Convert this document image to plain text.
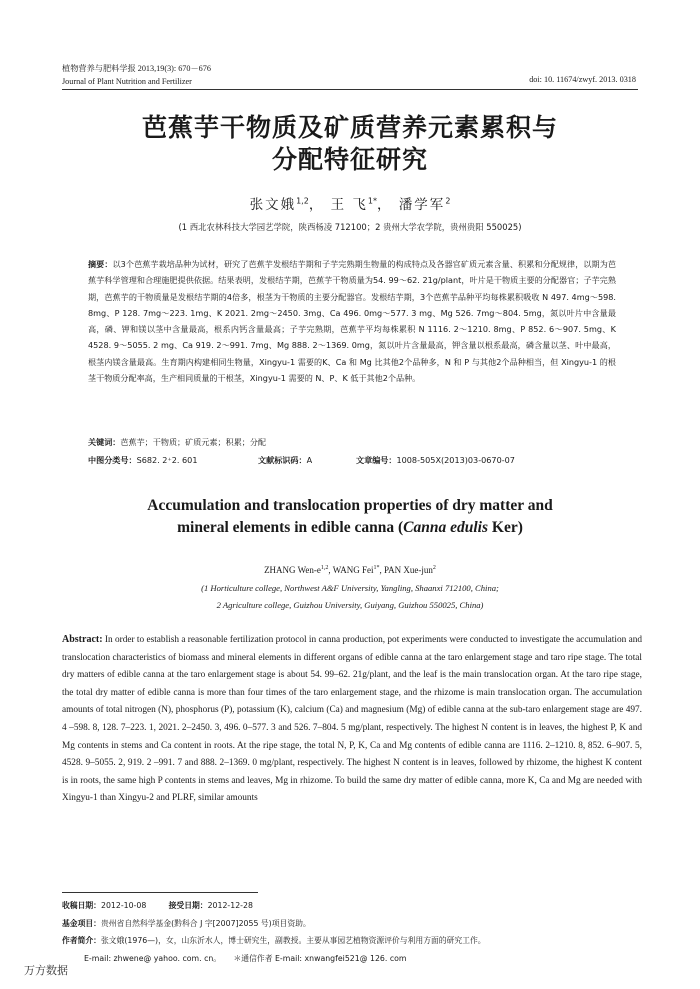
植物营养与肥料学报 2013,19(3): 670－676
Journal of Plant Nutrition and Fertilizer	doi: 10. 11674/zwyf. 2013. 0318
芭蕉芋干物质及矿质营养元素累积与
分配特征研究
张文娥$^{1,2}$， 王 飞$^{1*}$， 潘学军$^2$
(1 西北农林科技大学园艺学院，陕西杨凌 712100；2 贵州大学农学院，贵州贵阳 550025)
摘要：以3个芭蕉芋栽培品种为试材，研究了芭蕉芋发根结芋期和子芋完熟期生物量的构成特点及各器官矿质元素含量、积累和分配规律，以期为芭蕉芋科学管理和合理施肥提供依据。结果表明，发根结芋期，芭蕉芋干物质量为54. 99～62. 21g/plant，叶片是干物质主要的分配器官；子芋完熟期，芭蕉芋的干物质量是发根结芋期的4倍多，根茎为干物质的主要分配器官。发根结芋期，3个芭蕉芋品种平均每株累积吸收 N 497. 4mg～598. 8mg、P 128. 7mg～223. 1mg、K 2021. 2mg～2450. 3mg、Ca 496. 0mg～577. 3 mg、Mg 526. 7mg～804. 5mg，氮以叶片中含量最高，磷、钾和镁以茎中含量最高，根系内钙含量最高；子芋完熟期，芭蕉芋平均每株累积 N 1116. 2～1210. 8mg、P 852. 6～907. 5mg、K 4528. 9～5055. 2 mg、Ca 919. 2～991. 7mg、Mg 888. 2～1369. 0mg，氮以叶片含量最高，钾含量以根系最高，磷含量以茎、叶中最高，根茎内镁含量最高。生育期内构建相同生物量，Xingyu-1 需要的K、Ca 和 Mg 比其他2个品种多，N 和 P 与其他2个品种相当，但 Xingyu-1 的根茎干物质分配率高，生产相同质量的干根茎，Xingyu-1 需要的 N、P、K 低于其他2个品种。
关键词：芭蕉芋；干物质；矿质元素；积累；分配
中图分类号：S682. 2⁺2. 601	文献标识码：A	文章编号：1008-505X(2013)03-0670-07
Accumulation and translocation properties of dry matter and
mineral elements in edible canna (Canna edulis Ker)
ZHANG Wen-$e^{1,2}$, WANG Fei$^{1*}$, PAN Xue-jun$^2$
(1 Horticulture college, Northwest A&F University, Yangling, Shaanxi 712100, China;
2 Agriculture college, Guizhou University, Guiyang, Guizhou 550025, China)
Abstract: In order to establish a reasonable fertilization protocol in canna production, pot experiments were conducted to investigate the accumulation and translocation characteristics of biomass and mineral elements in different organs of edible canna at the taro enlargement stage and taro ripe stage. The total dry matters of edible canna at the taro enlargement stage is about 54. 99–62. 21g/plant, and the leaf is the main translocation organ. At the taro ripe stage, the total dry matter of edible canna is more than four times of the taro enlargement stage, and the rhizome is main translocation organ. The accumulation amounts of total nitrogen (N), phosphorus (P), potassium (K), calcium (Ca) and magnesium (Mg) of edible canna at the sub-taro enlargement stage are 497. 4 –598. 8, 128. 7–223. 1, 2021. 2–2450. 3, 496. 0–577. 3 and 526. 7–804. 5 mg/plant, respectively. The highest N content is in leaves, the highest P, K and Mg contents in stems and Ca content in roots. At the ripe stage, the total N, P, K, Ca and Mg contents of edible canna are 1116. 2–1210. 8, 852. 6–907. 5, 4528. 9–5055. 2, 919. 2 –991. 7 and 888. 2–1369. 0 mg/plant, respectively. The highest N content is in leaves, followed by rhizome, the highest K content is in roots, the same high P contents in stems and leaves, Mg in rhizome. To build the same dry matter of edible canna, more K, Ca and Mg are needed with Xingyu-1 than Xingyu-2 and PLRF, similar amounts
收稿日期：2012-10-08	接受日期：2012-12-28
基金项目：贵州省自然科学基金(黔科合 J 字[2007]2055 号)项目资助。
作者简介：张文娥(1976—)，女，山东沂水人，博士研究生，副教授。主要从事园艺植物资源评价与利用方面的研究工作。
E-mail: zhwene@ yahoo. com. cn。 ＊通信作者 E-mail: xnwangfei521@ 126. com
万方数据
